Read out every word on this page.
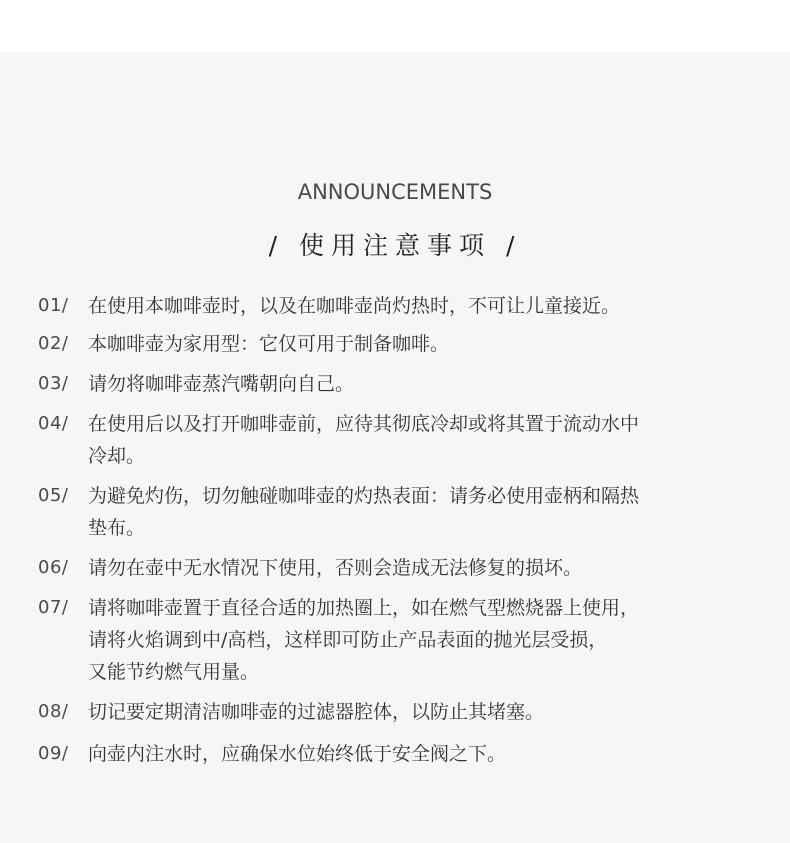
ANNOUNCEMENTS
/ 使用注意事项 /
01/	在使用本咖啡壶时，以及在咖啡壶尚灼热时，不可让儿童接近。
02/	本咖啡壶为家用型：它仅可用于制备咖啡。
03/	请勿将咖啡壶蒸汽嘴朝向自己。
04/	在使用后以及打开咖啡壶前，应待其彻底冷却或将其置于流动水中
冷却。
05/	为避免灼伤，切勿触碰咖啡壶的灼热表面：请务必使用壶柄和隔热
垫布。
06/	请勿在壶中无水情况下使用，否则会造成无法修复的损坏。
07/	请将咖啡壶置于直径合适的加热圈上，如在燃气型燃烧器上使用，
请将火焰调到中/高档，这样即可防止产品表面的抛光层受损，
又能节约燃气用量。
08/	切记要定期清洁咖啡壶的过滤器腔体，以防止其堵塞。
09/	向壶内注水时，应确保水位始终低于安全阀之下。
